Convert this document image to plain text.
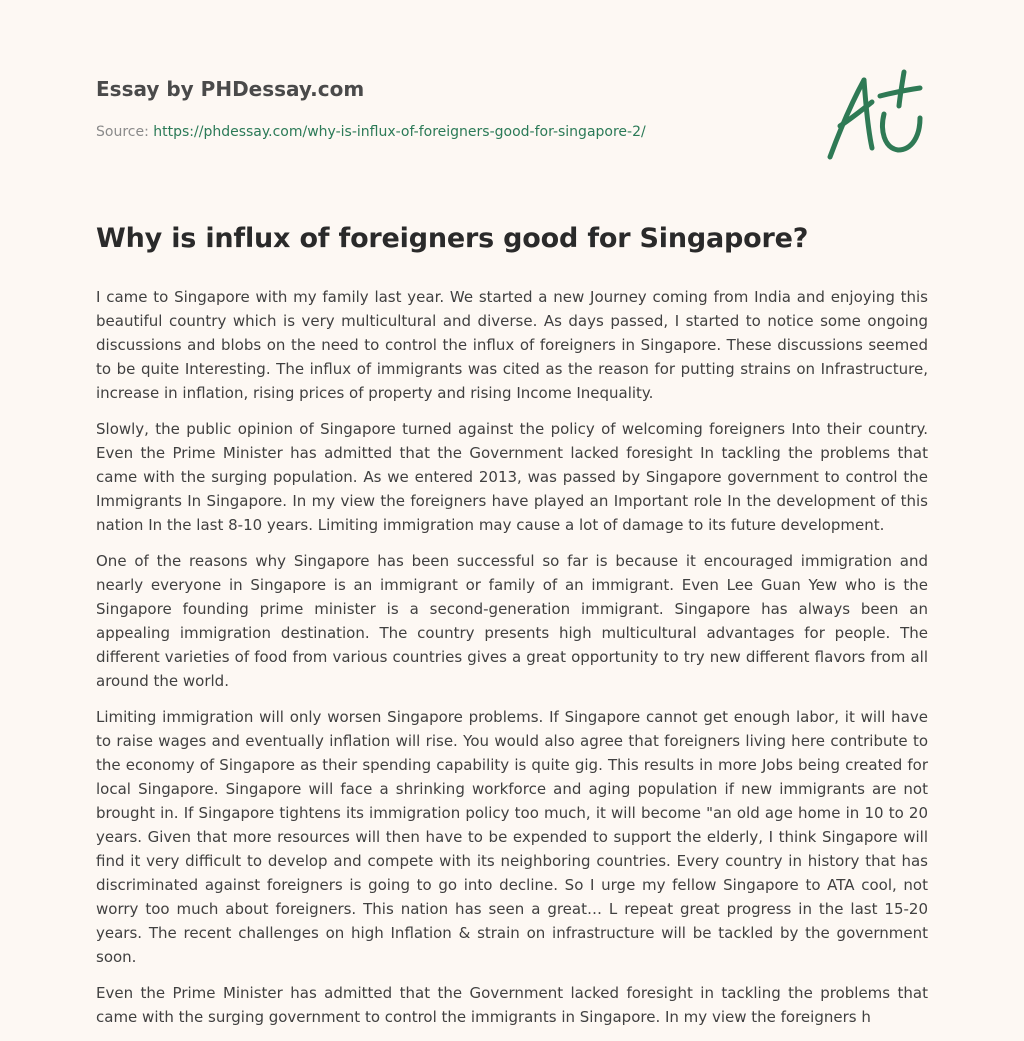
Essay by PHDessay.com
Source: https://phdessay.com/why-is-influx-of-foreigners-good-for-singapore-2/
Why is influx of foreigners good for Singapore?

I came to Singapore with my family last year. We started a new Journey coming from India and enjoying this beautiful country which is very multicultural and diverse. As days passed, I started to notice some ongoing discussions and blobs on the need to control the influx of foreigners in Singapore. These discussions seemed to be quite Interesting. The influx of immigrants was cited as the reason for putting strains on Infrastructure, increase in inflation, rising prices of property and rising Income Inequality.

Slowly, the public opinion of Singapore turned against the policy of welcoming foreigners Into their country. Even the Prime Minister has admitted that the Government lacked foresight In tackling the problems that came with the surging population. As we entered 2013, was passed by Singapore government to control the Immigrants In Singapore. In my view the foreigners have played an Important role In the development of this nation In the last 8-10 years. Limiting immigration may cause a lot of damage to its future development.

One of the reasons why Singapore has been successful so far is because it encouraged immigration and nearly everyone in Singapore is an immigrant or family of an immigrant. Even Lee Guan Yew who is the Singapore founding prime minister is a second-generation immigrant. Singapore has always been an appealing immigration destination. The country presents high multicultural advantages for people. The different varieties of food from various countries gives a great opportunity to try new different flavors from all around the world.

Limiting immigration will only worsen Singapore problems. If Singapore cannot get enough labor, it will have to raise wages and eventually inflation will rise. You would also agree that foreigners living here contribute to the economy of Singapore as their spending capability is quite gig. This results in more Jobs being created for local Singapore. Singapore will face a shrinking workforce and aging population if new immigrants are not brought in. If Singapore tightens its immigration policy too much, it will become "an old age home in 10 to 20 years. Given that more resources will then have to be expended to support the elderly, I think Singapore will find it very difficult to develop and compete with its neighboring countries. Every country in history that has discriminated against foreigners is going to go into decline. So I urge my fellow Singapore to ATA cool, not worry too much about foreigners. This nation has seen a great… L repeat great progress in the last 15-20 years. The recent challenges on high Inflation & strain on infrastructure will be tackled by the government soon.

Even the Prime Minister has admitted that the Government lacked foresight in tackling the problems that came with the surging government to control the immigrants in Singapore. In my view the foreigners h
